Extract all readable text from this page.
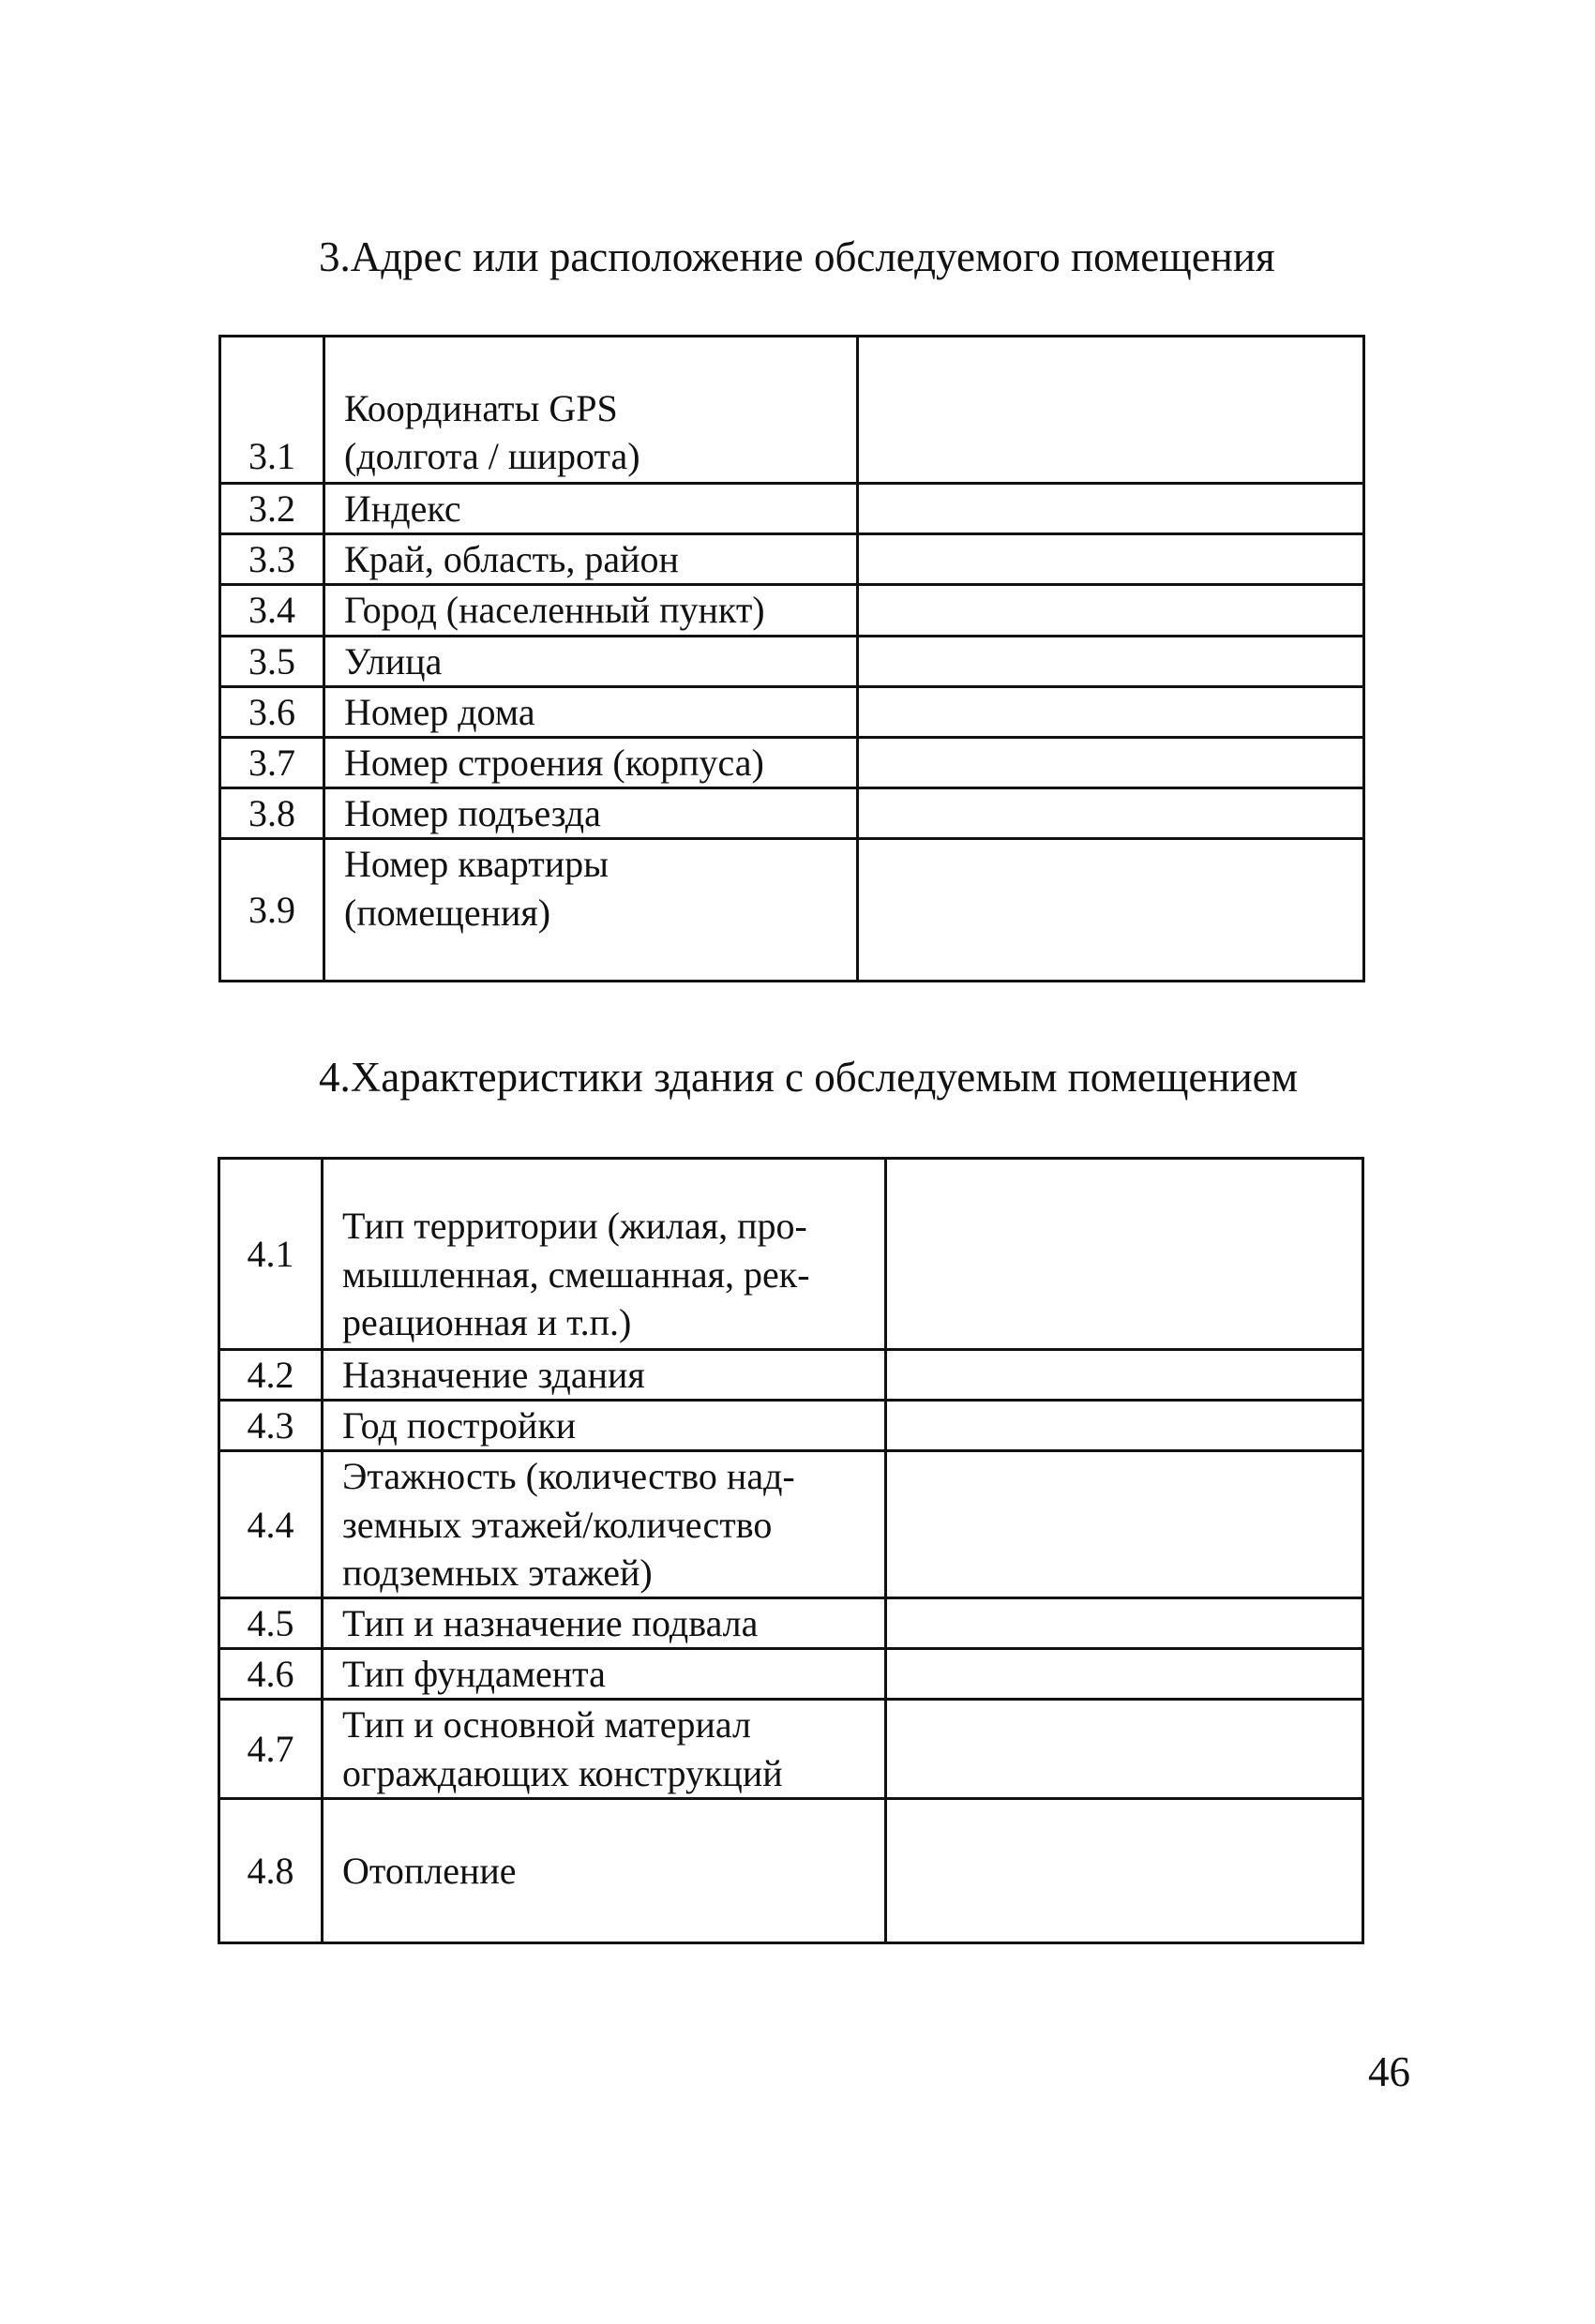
3.Адрес или расположение обследуемого помещения
3.1	Координаты GPS
(долгота / широта)	

3.2	Индекс	

3.3	Край, область, район	

3.4	Город (населенный пункт)	

3.5	Улица	

3.6	Номер дома	

3.7	Номер строения (корпуса)	

3.8	Номер подъезда	

3.9	Номер квартиры
(помещения)	

4.Характеристики здания с обследуемым помещением
4.1	Тип территории (жилая, про-
мышленная, смешанная, рек-
реационная и т.п.)	

4.2	Назначение здания	

4.3	Год постройки	

4.4	Этажность (количество над-
земных этажей/количество
подземных этажей)	

4.5	Тип и назначение подвала	

4.6	Тип фундамента	

4.7	Тип и основной материал
ограждающих конструкций	

4.8	Отопление	

46
